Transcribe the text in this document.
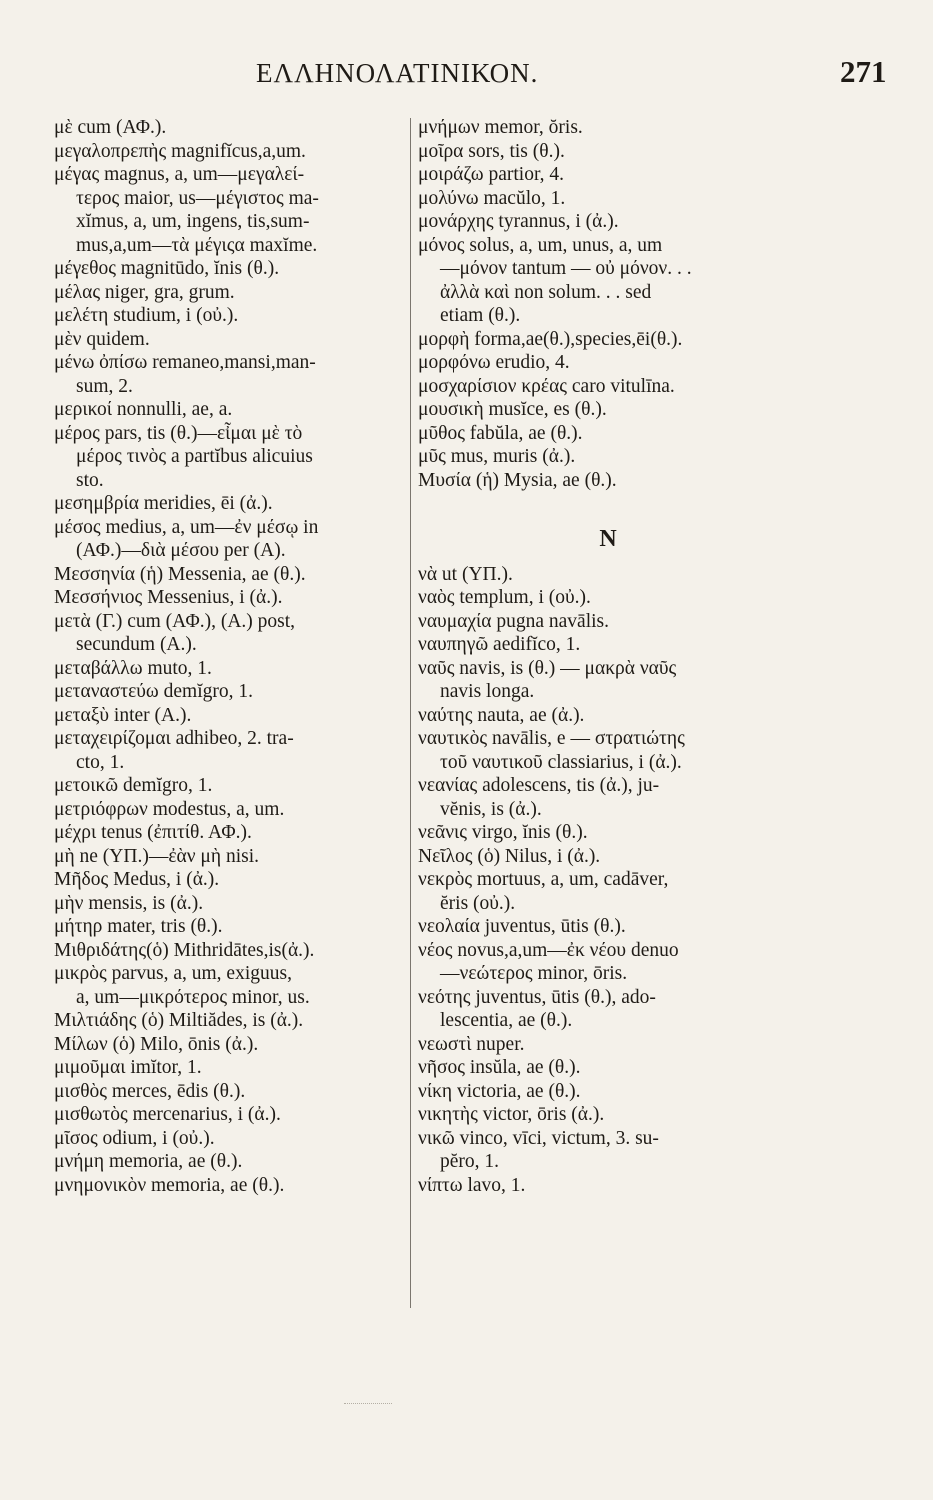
ΕΛΛΗΝΟΛΑΤΙΝΙΚΟΝ.	271
μὲ cum (ΑΦ.).
μεγαλοπρεπὴς magnifĭcus,a,um.
μέγας magnus, a, um—μεγαλεί-
τερος maior, us—μέγιστος ma-
xĭmus, a, um, ingens, tis,sum-
mus,a,um—τὰ μέγιςα maxĭme.
μέγεθος magnitūdo, ĭnis (θ.).
μέλας niger, gra, grum.
μελέτη studium, i (οὐ.).
μὲν quidem.
μένω ὀπίσω remaneo,mansi,man-
sum, 2.
μερικοί nonnulli, ae, a.
μέρος pars, tis (θ.)—εἶμαι μὲ τὸ
μέρος τινὸς a partĭbus alicuius
sto.
μεσημβρία meridies, ēi (ἀ.).
μέσος medius, a, um—ἐν μέσῳ in
(ΑΦ.)—διὰ μέσου per (Α).
Μεσσηνία (ἡ) Messenia, ae (θ.).
Μεσσήνιος Messenius, i (ἀ.).
μετὰ (Γ.) cum (ΑΦ.), (Α.) post,
secundum (Α.).
μεταβάλλω muto, 1.
μεταναστεύω demĭgro, 1.
μεταξὺ inter (Α.).
μεταχειρίζομαι adhibeo, 2. tra-
cto, 1.
μετοικῶ demĭgro, 1.
μετριόφρων modestus, a, um.
μέχρι tenus (ἐπιτίθ. ΑΦ.).
μὴ ne (ΥΠ.)—ἐὰν μὴ nisi.
Μῆδος Medus, i (ἀ.).
μὴν mensis, is (ἀ.).
μήτηρ mater, tris (θ.).
Μιθριδάτης(ὁ) Mithridātes,is(ἀ.).
μικρὸς parvus, a, um, exiguus,
a, um—μικρότερος minor, us.
Μιλτιάδης (ὁ) Miltiădes, is (ἀ.).
Μίλων (ὁ) Milo, ōnis (ἀ.).
μιμοῦμαι imĭtor, 1.
μισθὸς merces, ēdis (θ.).
μισθωτὸς mercenarius, i (ἀ.).
μῖσος odium, i (οὐ.).
μνήμη memoria, ae (θ.).
μνημονικὸν memoria, ae (θ.).
μνήμων memor, ŏris.
μοῖρα sors, tis (θ.).
μοιράζω partior, 4.
μολύνω macŭlo, 1.
μονάρχης tyrannus, i (ἀ.).
μόνος solus, a, um, unus, a, um
—μόνον tantum — οὐ μόνον. . .
ἀλλὰ καὶ non solum. . . sed
etiam (θ.).
μορφὴ forma,ae(θ.),species,ēi(θ.).
μορφόνω erudio, 4.
μοσχαρίσιον κρέας caro vitulīna.
μουσικὴ musĭce, es (θ.).
μῦθος fabŭla, ae (θ.).
μῦς mus, muris (ἀ.).
Μυσία (ἡ) Mysia, ae (θ.).
Ν
νὰ ut (ΥΠ.).
ναὸς templum, i (οὐ.).
ναυμαχία pugna navālis.
ναυπηγῶ aedifĭco, 1.
ναῦς navis, is (θ.) — μακρὰ ναῦς
navis longa.
ναύτης nauta, ae (ἀ.).
ναυτικὸς navālis, e — στρατιώτης
τοῦ ναυτικοῦ classiarius, i (ἀ.).
νεανίας adolescens, tis (ἀ.), ju-
vĕnis, is (ἀ.).
νεᾶνις virgo, ĭnis (θ.).
Νεῖλος (ὁ) Nilus, i (ἀ.).
νεκρὸς mortuus, a, um, cadāver,
ĕris (οὐ.).
νεολαία juventus, ūtis (θ.).
νέος novus,a,um—ἐκ νέου denuo
—νεώτερος minor, ōris.
νεότης juventus, ūtis (θ.), ado-
lescentia, ae (θ.).
νεωστὶ nuper.
νῆσος insŭla, ae (θ.).
νίκη victoria, ae (θ.).
νικητὴς victor, ōris (ἀ.).
νικῶ vinco, vīci, victum, 3. su-
pĕro, 1.
νίπτω lavo, 1.
